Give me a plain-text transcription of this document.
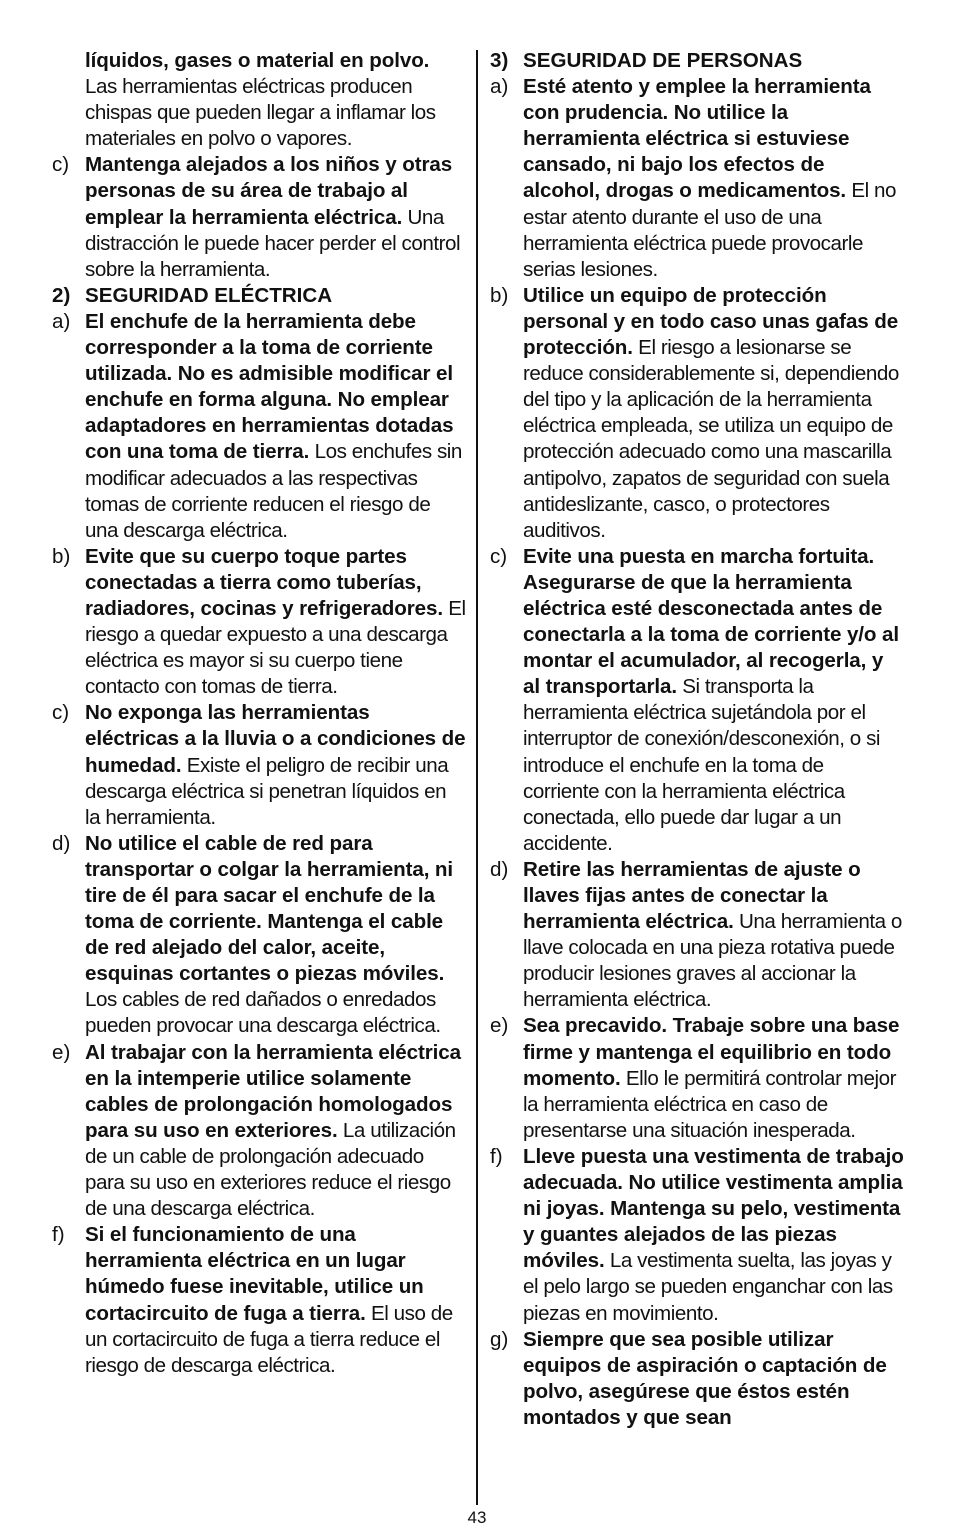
líquidos, gases o material en polvo. Las herramientas eléctricas producen chispas que pueden llegar a inflamar los materiales en polvo o vapores.
c) Mantenga alejados a los niños y otras personas de su área de trabajo al emplear la herramienta eléctrica. Una distracción le puede hacer perder el control sobre la herramienta.
2) SEGURIDAD ELÉCTRICA
a) El enchufe de la herramienta debe corresponder a la toma de corriente utilizada. No es admisible modificar el enchufe en forma alguna. No emplear adaptadores en herramientas dotadas con una toma de tierra. Los enchufes sin modificar adecuados a las respectivas tomas de corriente reducen el riesgo de una descarga eléctrica.
b) Evite que su cuerpo toque partes conectadas a tierra como tuberías, radiadores, cocinas y refrigeradores. El riesgo a quedar expuesto a una descarga eléctrica es mayor si su cuerpo tiene contacto con tomas de tierra.
c) No exponga las herramientas eléctricas a la lluvia o a condiciones de humedad. Existe el peligro de recibir una descarga eléctrica si penetran líquidos en la herramienta.
d) No utilice el cable de red para transportar o colgar la herramienta, ni tire de él para sacar el enchufe de la toma de corriente. Mantenga el cable de red alejado del calor, aceite, esquinas cortantes o piezas móviles. Los cables de red dañados o enredados pueden provocar una descarga eléctrica.
e) Al trabajar con la herramienta eléctrica en la intemperie utilice solamente cables de prolongación homologados para su uso en exteriores. La utilización de un cable de prolongación adecuado para su uso en exteriores reduce el riesgo de una descarga eléctrica.
f) Si el funcionamiento de una herramienta eléctrica en un lugar húmedo fuese inevitable, utilice un cortacircuito de fuga a tierra. El uso de un cortacircuito de fuga a tierra reduce el riesgo de descarga eléctrica.
3) SEGURIDAD DE PERSONAS
a) Esté atento y emplee la herramienta con prudencia. No utilice la herramienta eléctrica si estuviese cansado, ni bajo los efectos de alcohol, drogas o medicamentos. El no estar atento durante el uso de una herramienta eléctrica puede provocarle serias lesiones.
b) Utilice un equipo de protección personal y en todo caso unas gafas de protección. El riesgo a lesionarse se reduce considerablemente si, dependiendo del tipo y la aplicación de la herramienta eléctrica empleada, se utiliza un equipo de protección adecuado como una mascarilla antipolvo, zapatos de seguridad con suela antideslizante, casco, o protectores auditivos.
c) Evite una puesta en marcha fortuita. Asegurarse de que la herramienta eléctrica esté desconectada antes de conectarla a la toma de corriente y/o al montar el acumulador, al recogerla, y al transportarla. Si transporta la herramienta eléctrica sujetándola por el interruptor de conexión/desconexión, o si introduce el enchufe en la toma de corriente con la herramienta eléctrica conectada, ello puede dar lugar a un accidente.
d) Retire las herramientas de ajuste o llaves fijas antes de conectar la herramienta eléctrica. Una herramienta o llave colocada en una pieza rotativa puede producir lesiones graves al accionar la herramienta eléctrica.
e) Sea precavido. Trabaje sobre una base firme y mantenga el equilibrio en todo momento. Ello le permitirá controlar mejor la herramienta eléctrica en caso de presentarse una situación inesperada.
f) Lleve puesta una vestimenta de trabajo adecuada. No utilice vestimenta amplia ni joyas. Mantenga su pelo, vestimenta y guantes alejados de las piezas móviles. La vestimenta suelta, las joyas y el pelo largo se pueden enganchar con las piezas en movimiento.
g) Siempre que sea posible utilizar equipos de aspiración o captación de polvo, asegúrese que éstos estén montados y que sean
43
